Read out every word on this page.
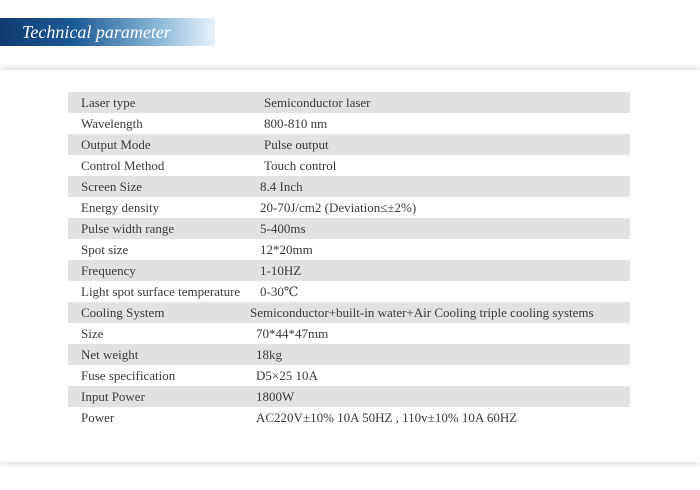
Technical parameter
Laser type	Semiconductor laser
Wavelength	800-810 nm
Output Mode	Pulse output
Control Method	Touch control
Screen Size	8.4 Inch
Energy density	20-70J/cm2 (Deviation≤±2%)
Pulse width range	5-400ms
Spot size	12*20mm
Frequency	1-10HZ
Light spot surface temperature	0-30℃
Cooling System	Semiconductor+built-in water+Air Cooling triple cooling systems
Size	70*44*47mm
Net weight	18kg
Fuse specification	D5×25 10A
Input Power	1800W
Power	AC220V±10% 10A 50HZ , 110v±10% 10A 60HZ
